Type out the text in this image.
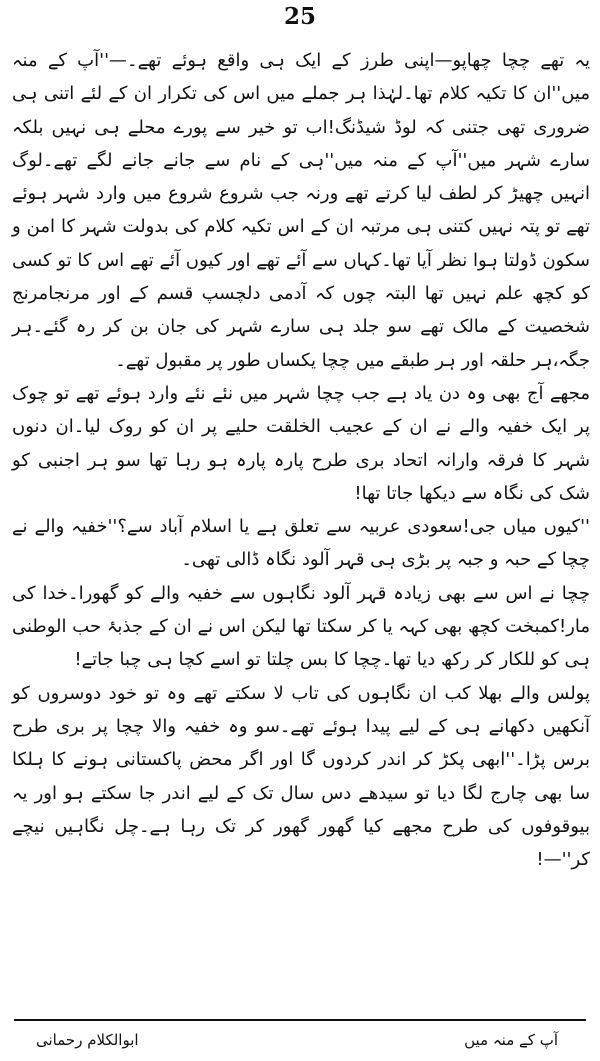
25

یہ تھے چچا چھاپو—اپنی طرز کے ایک ہی واقع ہوئے تھے۔—''آپ کے منہ میں''ان کا تکیہ کلام تھا۔لہٰذا ہر جملے میں اس کی تکرار ان کے لئے اتنی ہی ضروری تھی جتنی کہ لوڈ شیڈنگ!اب تو خیر سے پورے محلے ہی نہیں بلکہ سارے شہر میں''آپ کے منہ میں''ہی کے نام سے جانے جانے لگے تھے۔لوگ انہیں چھیڑ کر لطف لیا کرتے تھے ورنہ جب شروع شروع میں وارد شہر ہوئے تھے تو پتہ نہیں کتنی ہی مرتبہ ان کے اس تکیہ کلام کی بدولت شہر کا امن و سکون ڈولتا ہوا نظر آیا تھا۔کہاں سے آئے تھے اور کیوں آئے تھے اس کا تو کسی کو کچھ علم نہیں تھا البتہ چوں کہ آدمی دلچسپ قسم کے اور مرنجامرنج شخصیت کے مالک تھے سو جلد ہی سارے شہر کی جان بن کر رہ گئے۔ہر جگہ،ہر حلقہ اور ہر طبقے میں چچا یکساں طور پر مقبول تھے۔

مجھے آج بھی وہ دن یاد ہے جب چچا شہر میں نئے نئے وارد ہوئے تھے تو چوک پر ایک خفیہ والے نے ان کے عجیب الخلقت حلیے پر ان کو روک لیا۔ان دنوں شہر کا فرقہ وارانہ اتحاد بری طرح پارہ پارہ ہو رہا تھا سو ہر اجنبی کو شک کی نگاہ سے دیکھا جاتا تھا!

''کیوں میاں جی!سعودی عربیہ سے تعلق ہے یا اسلام آباد سے؟''خفیہ والے نے چچا کے حبہ و جبہ پر بڑی ہی قہر آلود نگاہ ڈالی تھی۔

چچا نے اس سے بھی زیادہ قہر آلود نگاہوں سے خفیہ والے کو گھورا۔خدا کی مار!کمبخت کچھ بھی کہہ یا کر سکتا تھا لیکن اس نے ان کے جذبۂ حب الوطنی ہی کو للکار کر رکھ دیا تھا۔چچا کا بس چلتا تو اسے کچا ہی چبا جاتے!

پولس والے بھلا کب ان نگاہوں کی تاب لا سکتے تھے وہ تو خود دوسروں کو آنکھیں دکھانے ہی کے لیے پیدا ہوئے تھے۔سو وہ خفیہ والا چچا پر بری طرح برس پڑا۔''ابھی پکڑ کر اندر کردوں گا اور اگر محض پاکستانی ہونے کا ہلکا سا بھی چارج لگا دیا تو سیدھے دس سال تک کے لیے اندر جا سکتے ہو اور یہ بیوقوفوں کی طرح مجھے کیا گھور گھور کر تک رہا ہے۔چل نگاہیں نیچے کر''—!

ابوالکلام رحمانی	آپ کے منہ میں
